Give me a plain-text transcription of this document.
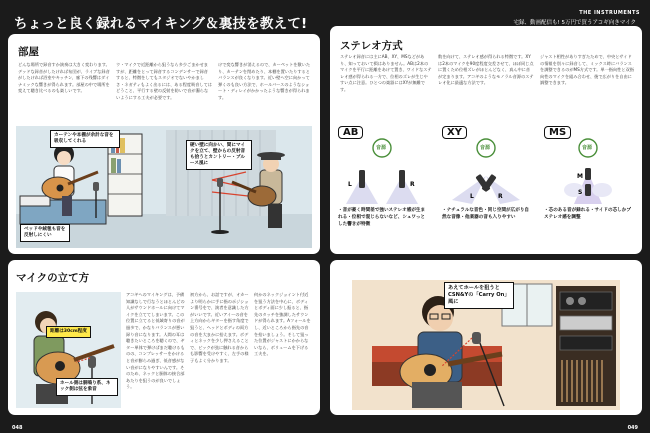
ちょっと良く録れるマイキング＆裏技を教えて!
部屋
どんな場所で録音すか演奏は大きく変わります。デッドな録音がしたければ布団が、ライブな録音がしたければ浴室やキッチン、廊下の残響はダイナミックな響きが得られます。部屋の中で場所を変えて聴き比べるのも楽しいです。
ウ・マイクで近距離から狙うなら多少ごまかせますが、距離をとって録音するコンデンサーで録音すると、特徴をしてもスタジオでないやかましさ・ネガティもよく出るには、ある程度吸音してはどうこと、平行する壁の反射を防いで音が濁らないようにする工夫が必要です。
けで変な響きが消えるので、カーペットを敷いたり、カーテンを閉めたり、本棚を置いたりするとバランスが良くなります。近い壁へ空に向かって弾くのも良い方法で、ホールバースのようなショート・ディレイがかかったような響きが得られます。
カーテンや本棚が余計な音を吸収してくれる
硬い壁に向かい、間にマイクを立て、壁からの反射音も拾うとカントリー・ブルース風に
ベッドや絨毯も音を反射しにくい
マイクの立て方
距離は30cm程度
ホール側は胴鳴り系、ネック側は弦を象音
アコギへのマイキングは、予備知識なしで行なうとほとんどの人がサウンドホールに向けてマイクを立ててしまいます。この位置に立てると低域寄りの音が過多で、かなりバランスが悪い録り音になります。人間の耳は聴きたいところを聴くので、ギター単体で弾けばまだ聴けるものの、コンプレッサーをかけると音が膨らみ過ぎ、低音感がない音がになりやすいんです。そのため、ネックと胴体の接合部あたりを狙うのが良いでしょう。
初方から、お話ですが、オカーより明らかに手に指のポジション番号をで、演者を意識した方がいいです。近いアイーの音を上方向からギターを指す角度で狙うと、ヘッドとボディの両方の音を大まかに拾えます。ボディとネックを少し押さえることで、ピックが弦に触れる音からも影響を受けやすく、左手の様子もよく分かります。
何かのネックジョイント付近を狙う方法を中心に、ボディとボディ面に少し振ると、指先のタッチを強調したサウンドが得られます。Aフォールをし、近いところから指先の音を拾いましょう。そして狙った位置がジャストにかからないなら、ボリュームを下げる工夫を。
THE INSTRUMENTS
宅録、動画配信も! 5万円で買うアコギ向きマイク
ステレオ方式
ステレオ録音には主にAB、XY、MSなどがあり、知っておいて損はありません。ABは2本のマイクを平行に距離をあけて置き、ワイドなステレオ感が得られる一方で、位相のズレが生じやすい点に注意。ひとつの楽器にはXYが無難です。
数を向けて、ステレオ感が得られる特徴です。XYは2本のマイクを90度程度交差させて、ほぼ同じ点に置くため位相ズレがほとんどなく、真ん中に音が定まります。アコギのようなモノラル音源のステレオ化に最適な方法です。
ジャスト相性がありすぎたためで、中央とサイドの情報を別々に録音して、ミックス時にバランスを調整できるのがMS方式です。単一指向性と双指向性のマイクを組み合わせ、後で広がりを自由に調整できます。
AB
L	R
音源
・音が豪く時間差で強いステレオ感が生まれる・位相で混じらないなど、シュワっとした響きが特徴
XY
L	R
音源
・ナチュラルな音色・同じ空間が広がり自然な音像・他楽器の音も入りやすい
MS
M
S
音源
・芯のある音が録れる・サイドの芯しかプステレオ感を調整
あえてホールを狙うとCSN&Yの「Carry On」風に
048	049
